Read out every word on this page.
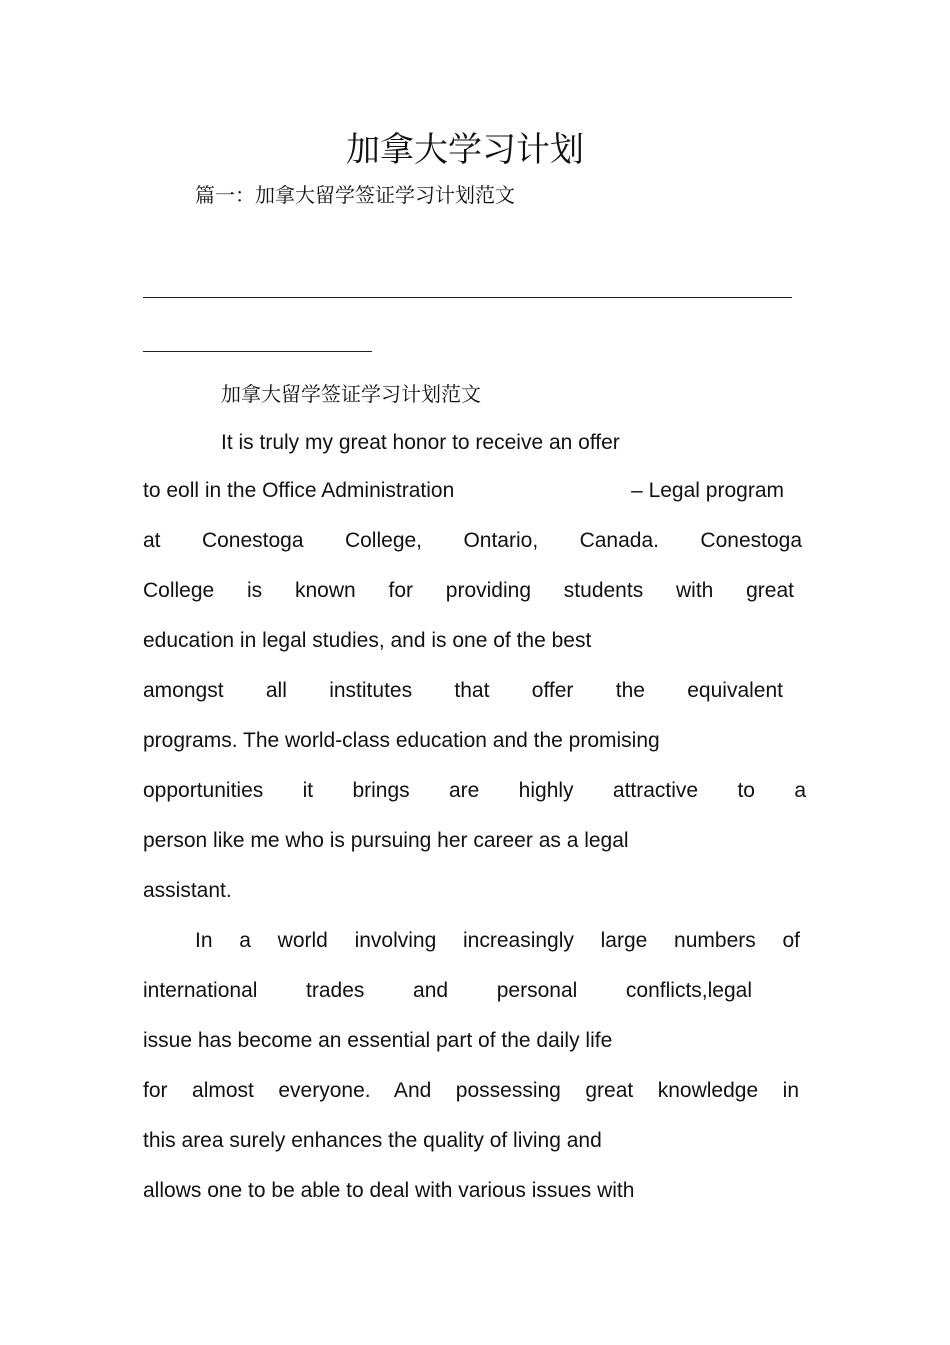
加拿大学习计划
篇一：加拿大留学签证学习计划范文
加拿大留学签证学习计划范文
It is truly my great honor to receive an offer
to eoll in the Office Administration	– Legal program
at Conestoga College, Ontario, Canada. Conestoga
College is known for providing students with great
education in legal studies, and is one of the best
amongst all institutes that offer the equivalent
programs. The world-class education and the promising
opportunities it brings are highly attractive to a
person like me who is pursuing her career as a legal
assistant.
In a world involving increasingly large numbers of
international trades and personal conflicts,legal
issue has become an essential part of the daily life
for almost everyone. And possessing great knowledge in
this area surely enhances the quality of living and
allows one to be able to deal with various issues with
